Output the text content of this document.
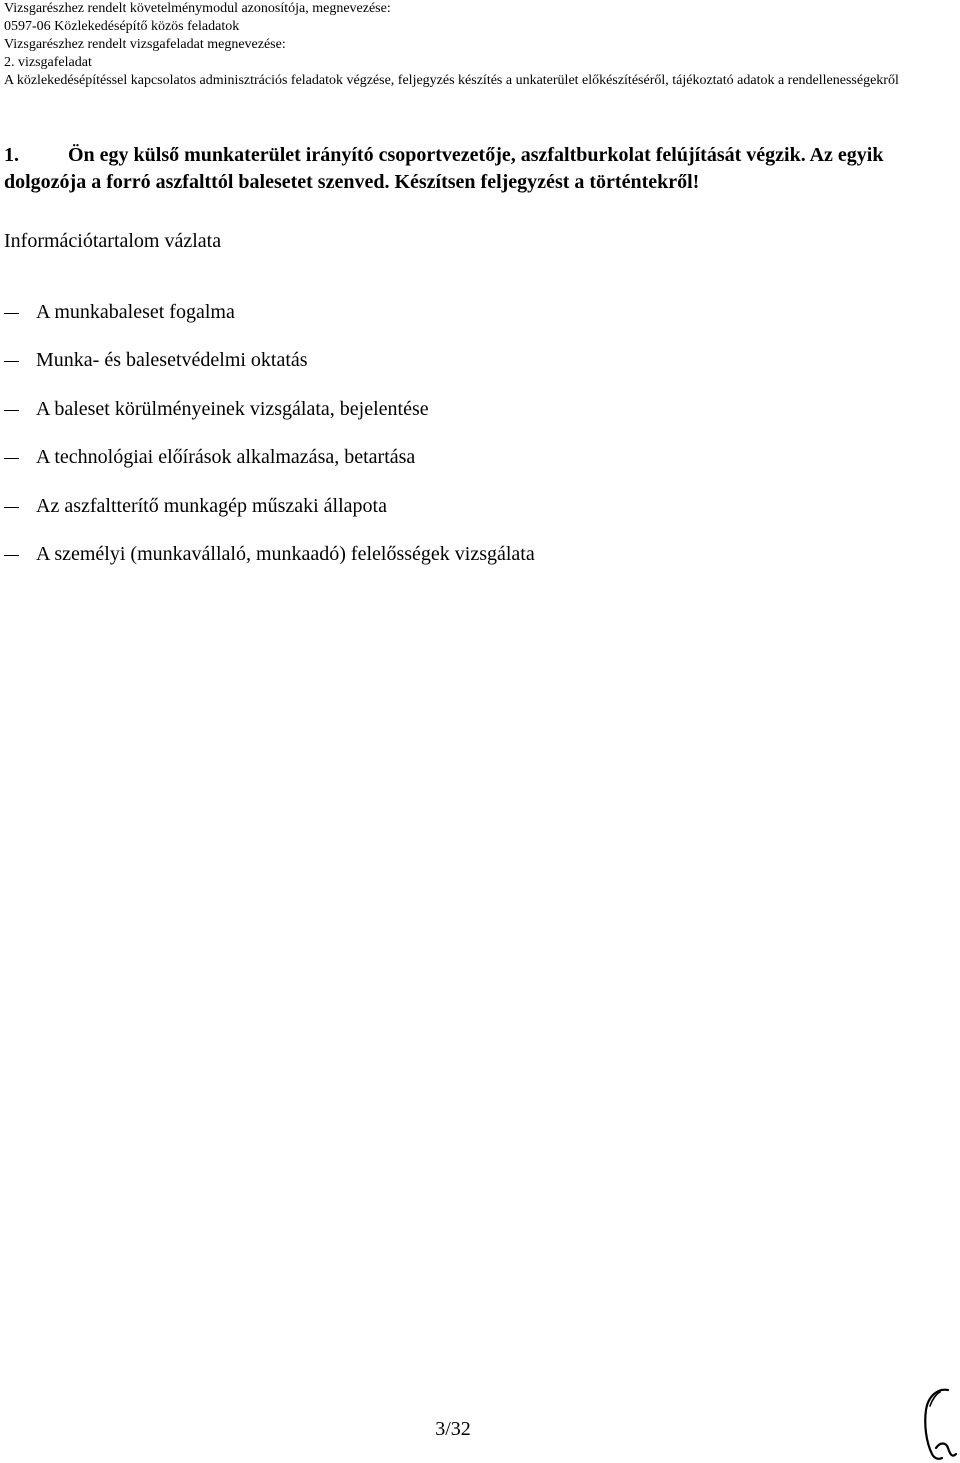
Vizsgarészhez rendelt követelménymodul azonosítója, megnevezése:
0597-06 Közlekedésépítő közös feladatok
Vizsgarészhez rendelt vizsgafeladat megnevezése:
2. vizsgafeladat
A közlekedésépítéssel kapcsolatos adminisztrációs feladatok végzése, feljegyzés készítés a unkaterület előkészítéséről, tájékoztató adatok a rendellenességekről
1. Ön egy külső munkaterület irányító csoportvezetője, aszfaltburkolat felújítását végzik. Az egyik dolgozója a forró aszfalttól balesetet szenved. Készítsen feljegyzést a történtekről!
Információtartalom vázlata
A munkabaleset fogalma
Munka- és balesetvédelmi oktatás
A baleset körülményeinek vizsgálata, bejelentése
A technológiai előírások alkalmazása, betartása
Az aszfaltterítő munkagép műszaki állapota
A személyi (munkavállaló, munkaadó) felelősségek vizsgálata
3/32
